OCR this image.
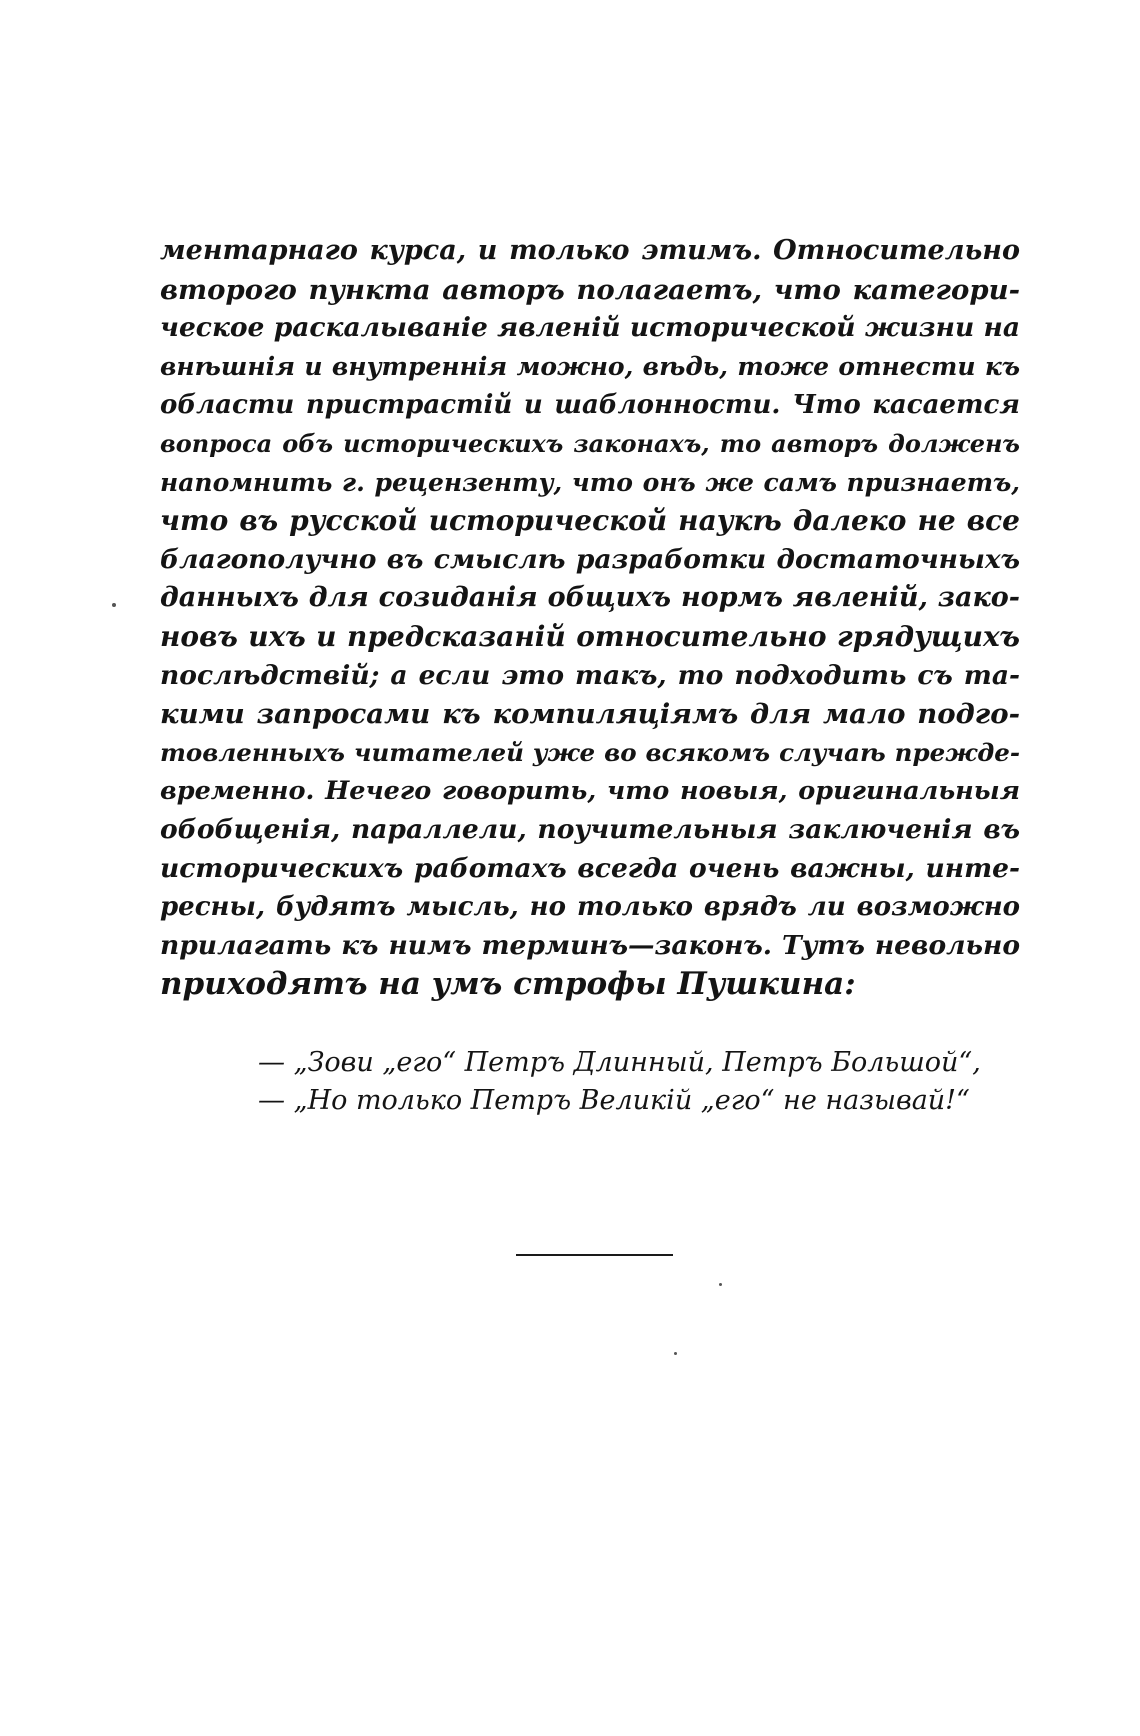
ментарнаго курса, и только этимъ. Относительно
второго пункта авторъ полагаетъ, что категори-
ческое раскалываніе явленій исторической жизни на
внѣшнія и внутреннія можно, вѣдь, тоже отнести къ
области пристрастій и шаблонности. Что касается
вопроса объ историческихъ законахъ, то авторъ долженъ
напомнить г. рецензенту, что онъ же самъ признаетъ,
что въ русской исторической наукѣ далеко не все
благополучно въ смыслѣ разработки достаточныхъ
данныхъ для созиданія общихъ нормъ явленій, зако-
новъ ихъ и предсказаній относительно грядущихъ
послѣдствій; а если это такъ, то подходить съ та-
кими запросами къ компиляціямъ для мало подго-
товленныхъ читателей уже во всякомъ случаѣ прежде-
временно. Нечего говорить, что новыя, оригинальныя
обобщенія, параллели, поучительныя заключенія въ
историческихъ работахъ всегда очень важны, инте-
ресны, будятъ мысль, но только врядъ ли возможно
прилагать къ нимъ терминъ—законъ. Тутъ невольно
приходятъ на умъ строфы Пушкина:
— „Зови „его“ Петръ Длинный, Петръ Большой“,
— „Но только Петръ Великій „его“ не называй!“
